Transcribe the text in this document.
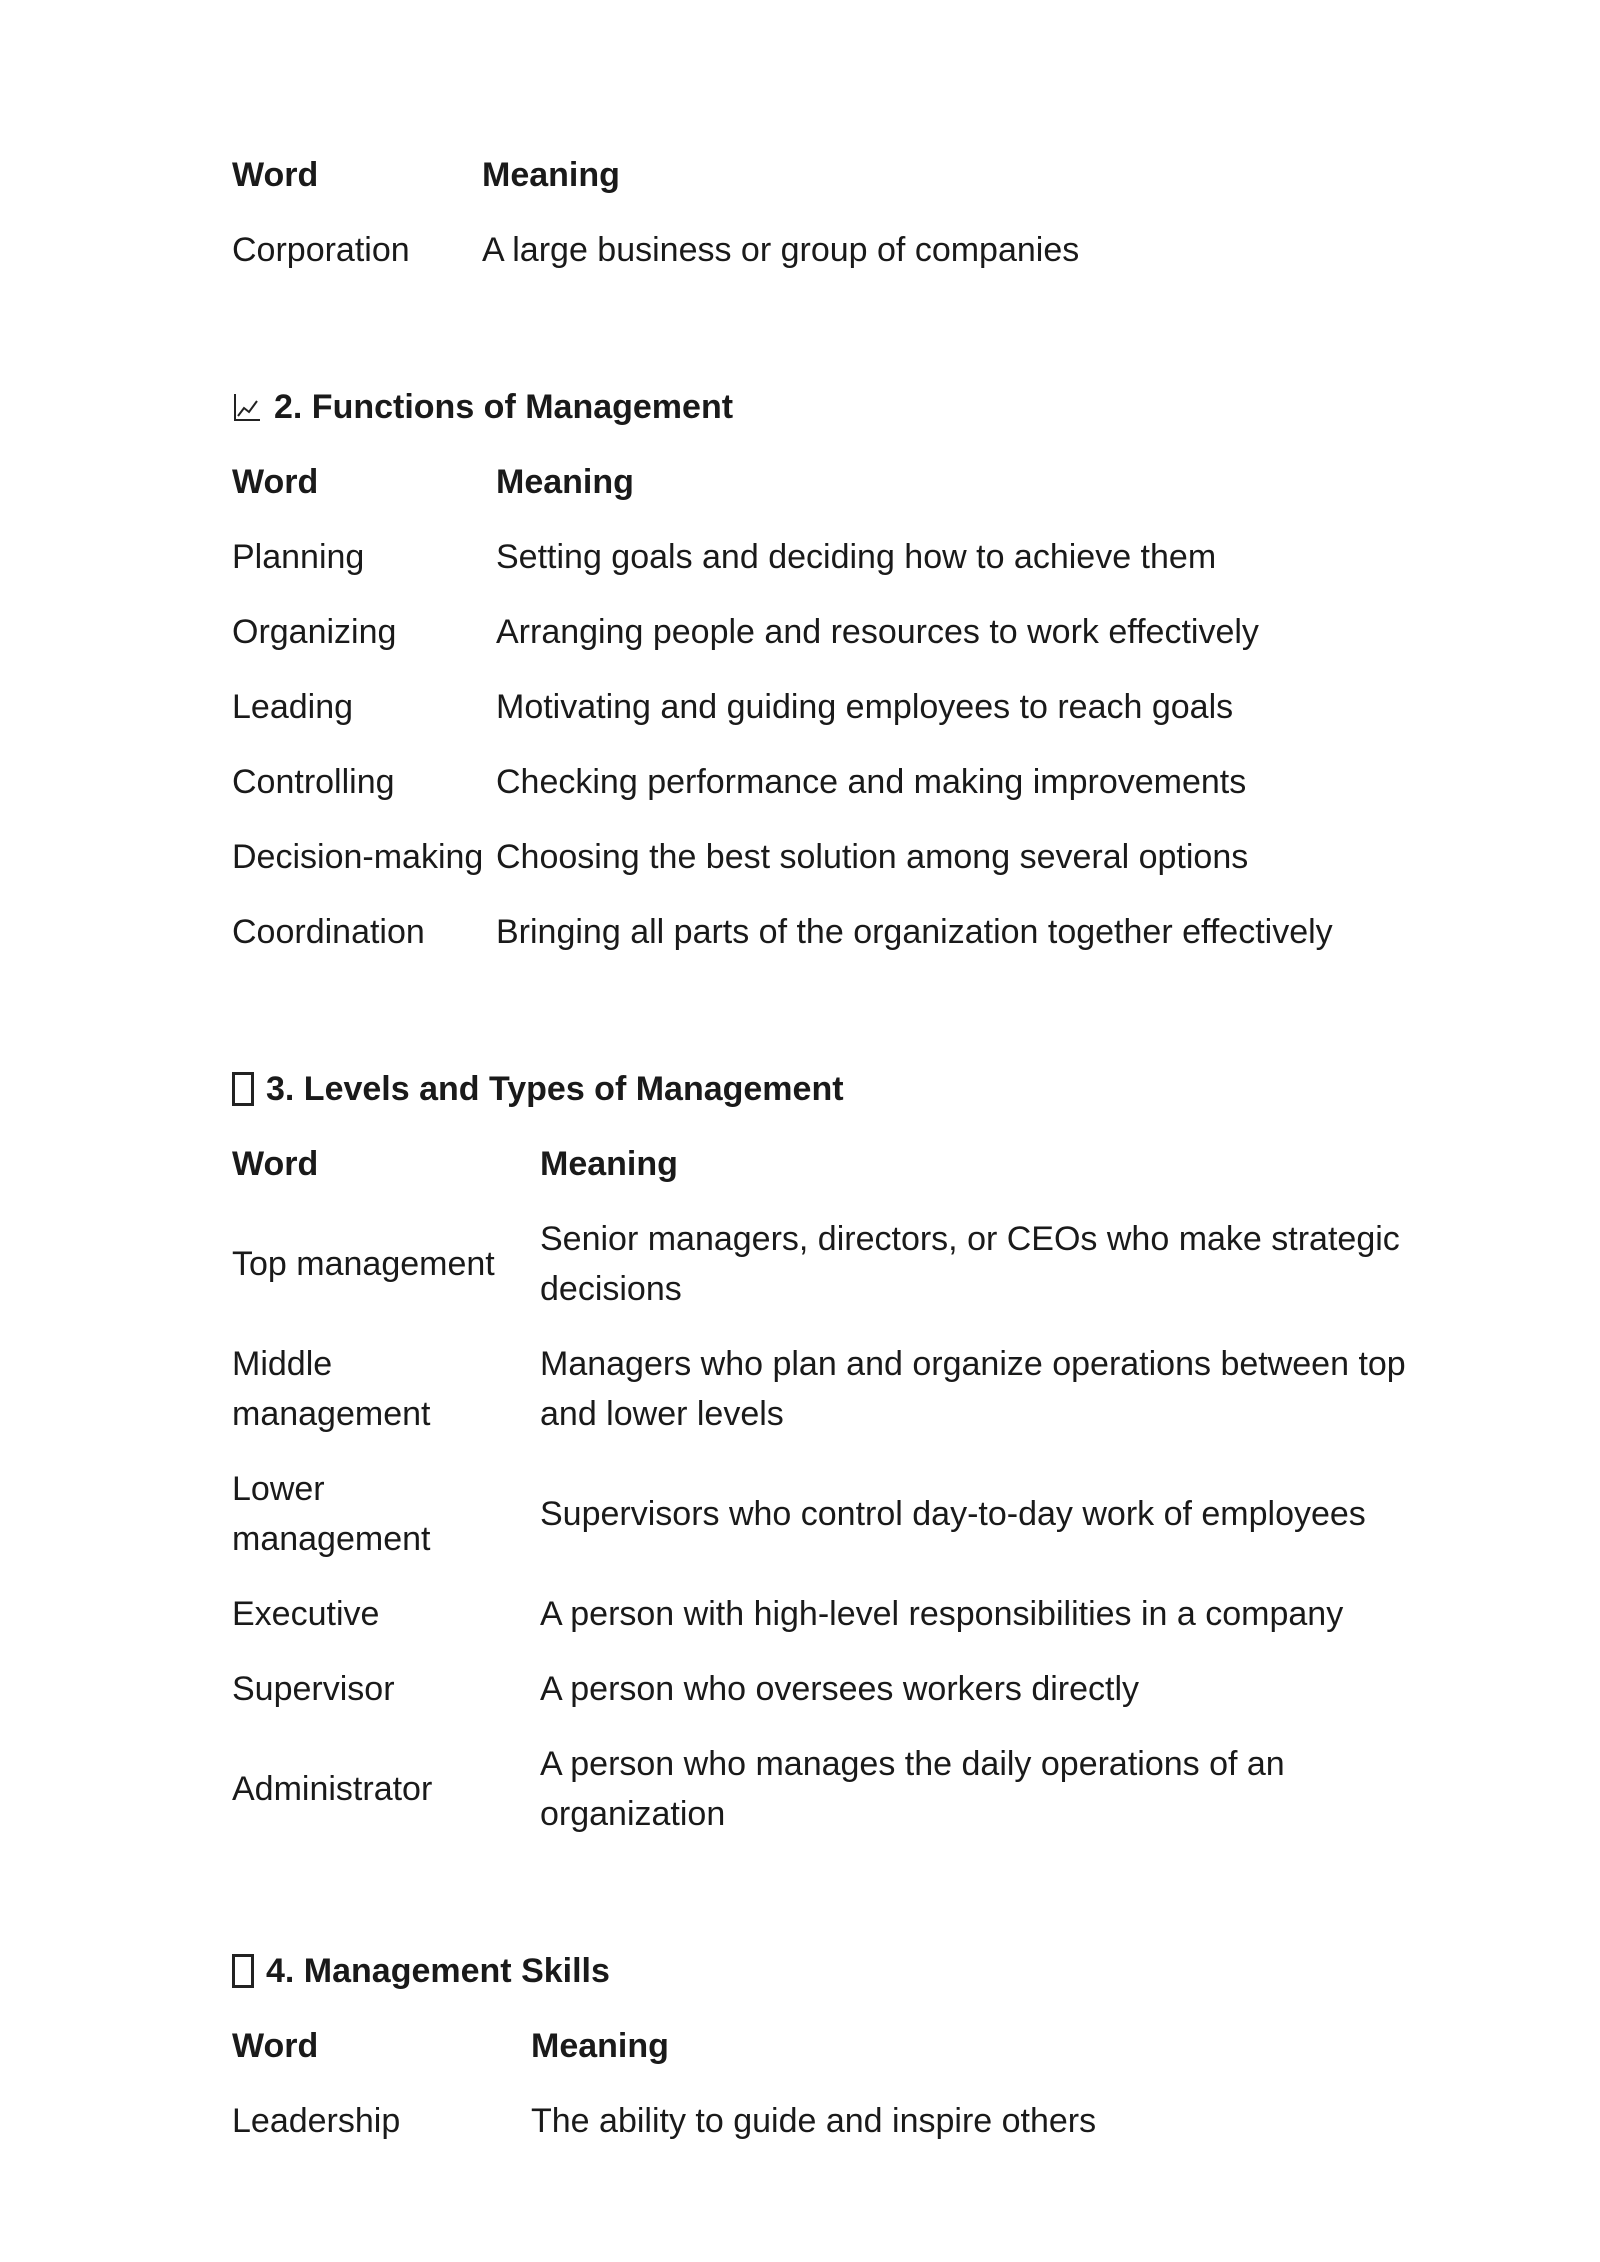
Word	Meaning
Corporation	A large business or group of companies
2. Functions of Management
Word	Meaning
Planning	Setting goals and deciding how to achieve them
Organizing	Arranging people and resources to work effectively
Leading	Motivating and guiding employees to reach goals
Controlling	Checking performance and making improvements
Decision-making	Choosing the best solution among several options
Coordination	Bringing all parts of the organization together effectively
3. Levels and Types of Management
Word	Meaning
Top management	Senior managers, directors, or CEOs who make strategic decisions
Middle management	Managers who plan and organize operations between top and lower levels
Lower management	Supervisors who control day-to-day work of employees
Executive	A person with high-level responsibilities in a company
Supervisor	A person who oversees workers directly
Administrator	A person who manages the daily operations of an organization
4. Management Skills
Word	Meaning
Leadership	The ability to guide and inspire others
